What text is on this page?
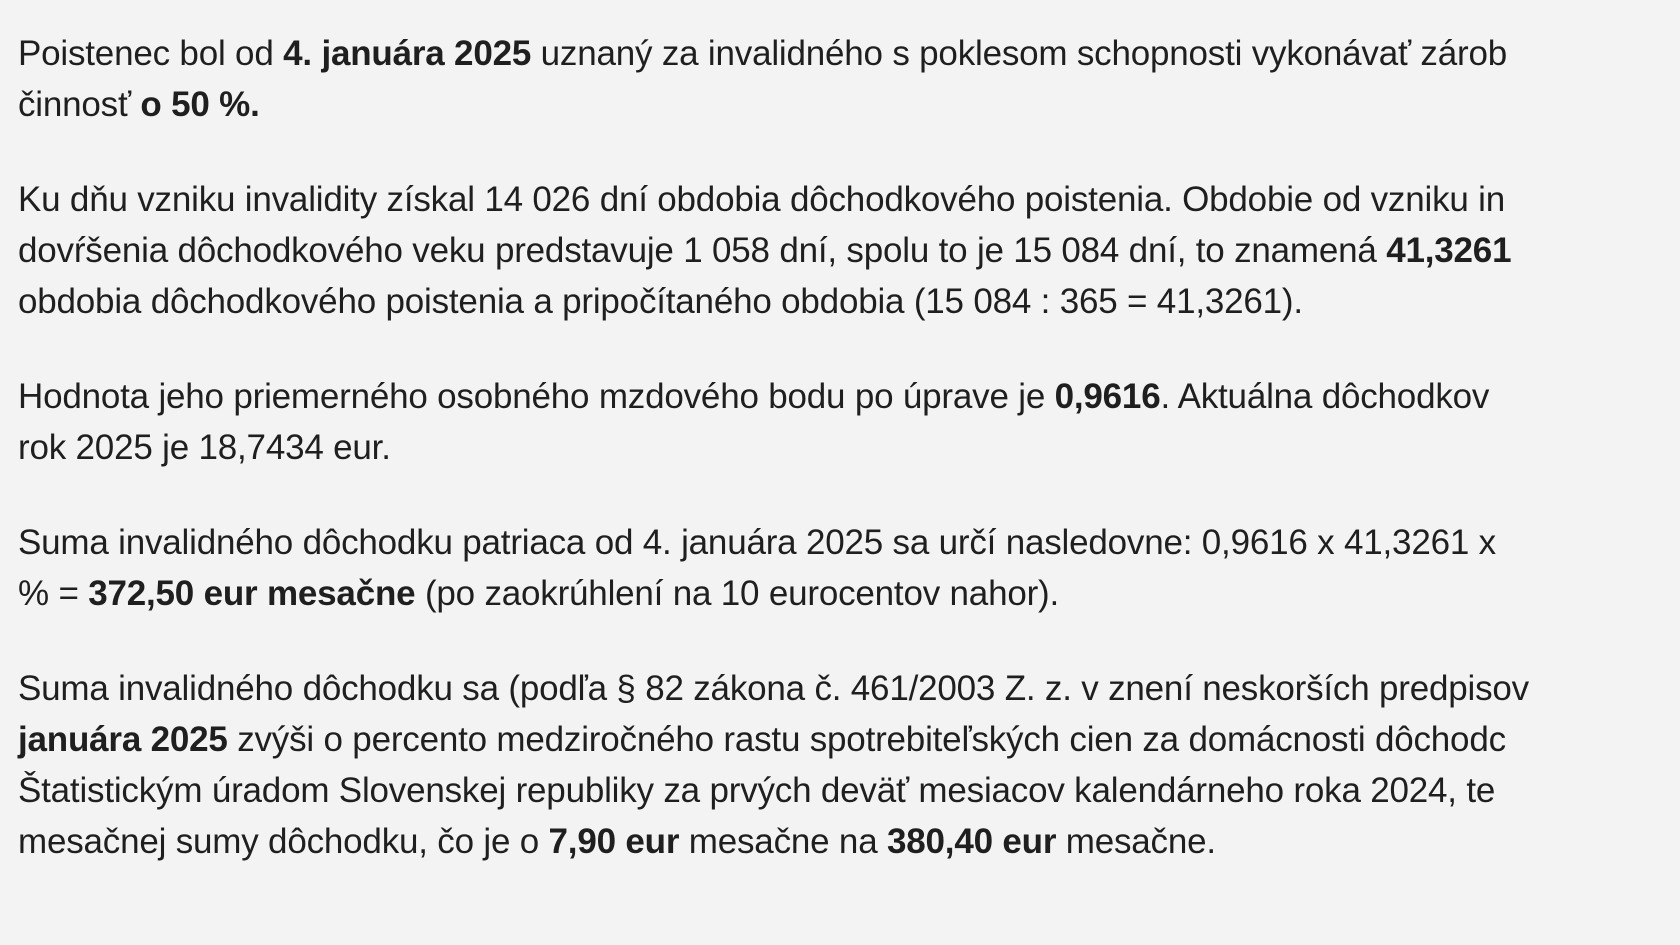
Poistenec bol od 4. januára 2025 uznaný za invalidného s poklesom schopnosti vykonávať zárob
činnosť o 50 %.

Ku dňu vzniku invalidity získal 14 026 dní obdobia dôchodkového poistenia. Obdobie od vzniku in
dovŕšenia dôchodkového veku predstavuje 1 058 dní, spolu to je 15 084 dní, to znamená 41,3261
obdobia dôchodkového poistenia a pripočítaného obdobia (15 084 : 365 = 41,3261).

Hodnota jeho priemerného osobného mzdového bodu po úprave je 0,9616. Aktuálna dôchodkov
rok 2025 je 18,7434 eur.

Suma invalidného dôchodku patriaca od 4. januára 2025 sa určí nasledovne: 0,9616 x 41,3261 x
% = 372,50 eur mesačne (po zaokrúhlení na 10 eurocentov nahor).

Suma invalidného dôchodku sa (podľa § 82 zákona č. 461/2003 Z. z. v znení neskorších predpisov
januára 2025 zvýši o percento medziročného rastu spotrebiteľských cien za domácnosti dôchodc
Štatistickým úradom Slovenskej republiky za prvých deväť mesiacov kalendárneho roka 2024, te
mesačnej sumy dôchodku, čo je o 7,90 eur mesačne na 380,40 eur mesačne.
